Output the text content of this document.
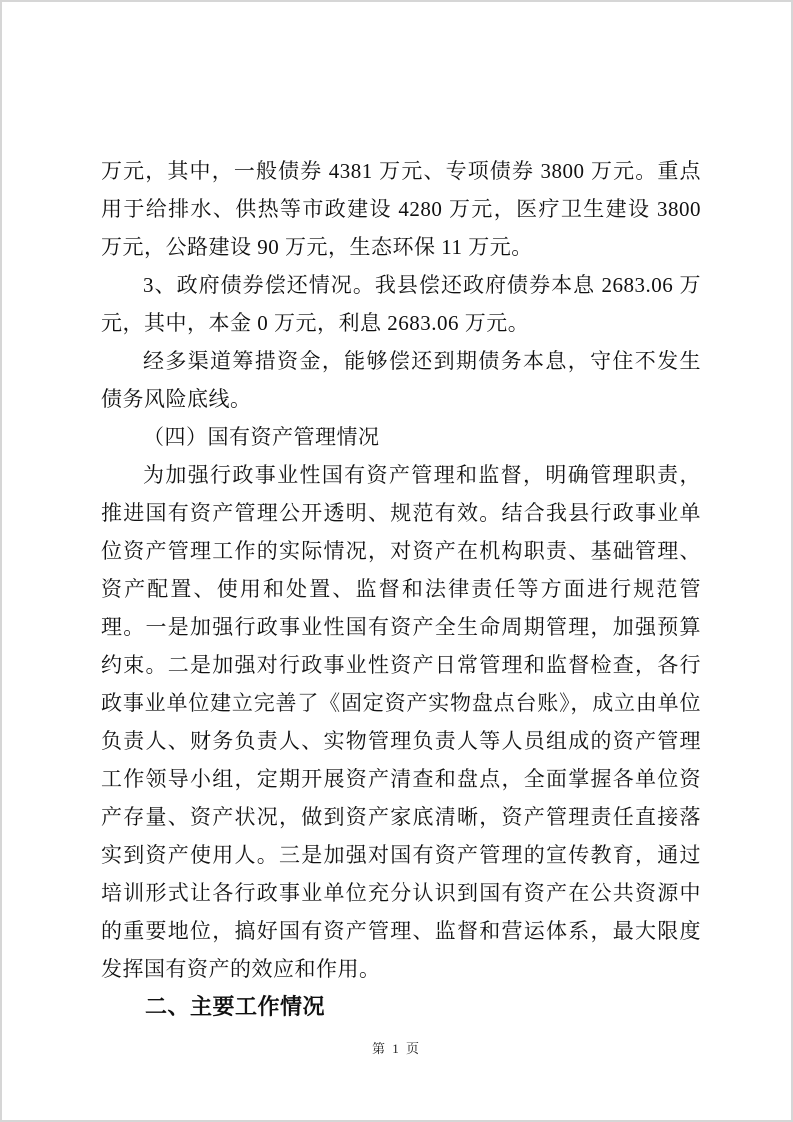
万元，其中，一般债券 4381 万元、专项债券 3800 万元。重点用于给排水、供热等市政建设 4280 万元，医疗卫生建设 3800 万元，公路建设 90 万元，生态环保 11 万元。

3、政府债券偿还情况。我县偿还政府债券本息 2683.06 万元，其中，本金 0 万元，利息 2683.06 万元。

经多渠道筹措资金，能够偿还到期债务本息，守住不发生债务风险底线。

（四）国有资产管理情况

为加强行政事业性国有资产管理和监督，明确管理职责，推进国有资产管理公开透明、规范有效。结合我县行政事业单位资产管理工作的实际情况，对资产在机构职责、基础管理、资产配置、使用和处置、监督和法律责任等方面进行规范管理。一是加强行政事业性国有资产全生命周期管理，加强预算约束。二是加强对行政事业性资产日常管理和监督检查，各行政事业单位建立完善了《固定资产实物盘点台账》，成立由单位负责人、财务负责人、实物管理负责人等人员组成的资产管理工作领导小组，定期开展资产清查和盘点，全面掌握各单位资产存量、资产状况，做到资产家底清晰，资产管理责任直接落实到资产使用人。三是加强对国有资产管理的宣传教育，通过培训形式让各行政事业单位充分认识到国有资产在公共资源中的重要地位，搞好国有资产管理、监督和营运体系，最大限度发挥国有资产的效应和作用。

二、主要工作情况

第 1 页
